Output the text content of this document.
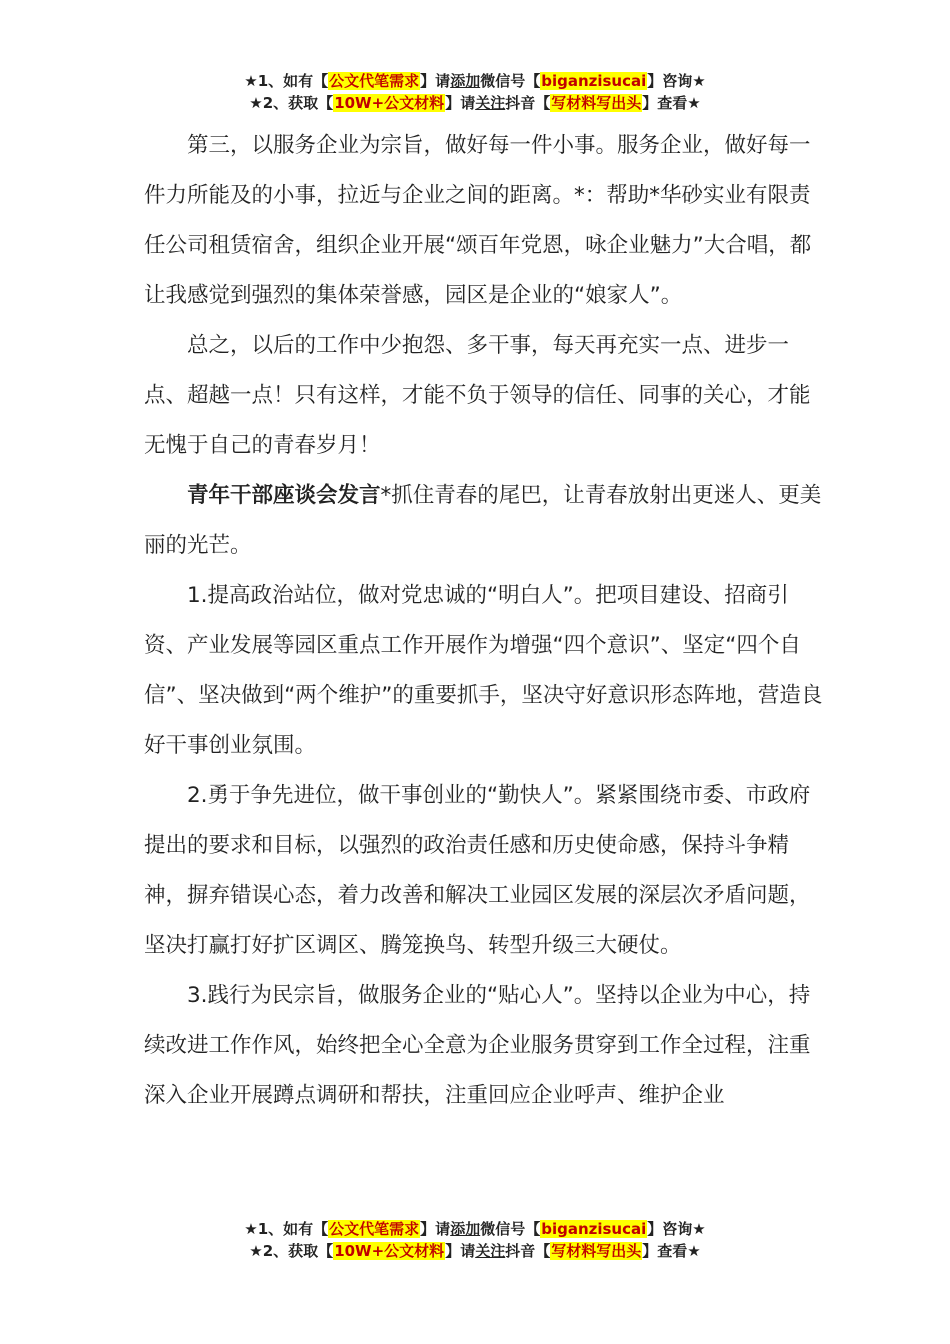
★1、如有【公文代笔需求】请添加微信号【biganzisucai】咨询★
★2、获取【10W+公文材料】请关注抖音【写材料写出头】查看★

第三，以服务企业为宗旨，做好每一件小事。服务企业，做好每一件力所能及的小事，拉近与企业之间的距离。*：帮助*华砂实业有限责任公司租赁宿舍，组织企业开展“颂百年党恩，咏企业魅力”大合唱，都让我感觉到强烈的集体荣誉感，园区是企业的“娘家人”。

总之，以后的工作中少抱怨、多干事，每天再充实一点、进步一点、超越一点！只有这样，才能不负于领导的信任、同事的关心，才能无愧于自己的青春岁月！

青年干部座谈会发言*抓住青春的尾巴，让青春放射出更迷人、更美丽的光芒。

1.提高政治站位，做对党忠诚的“明白人”。把项目建设、招商引资、产业发展等园区重点工作开展作为增强“四个意识”、坚定“四个自信”、坚决做到“两个维护”的重要抓手，坚决守好意识形态阵地，营造良好干事创业氛围。

2.勇于争先进位，做干事创业的“勤快人”。紧紧围绕市委、市政府提出的要求和目标，以强烈的政治责任感和历史使命感，保持斗争精神，摒弃错误心态，着力改善和解决工业园区发展的深层次矛盾问题，坚决打赢打好扩区调区、腾笼换鸟、转型升级三大硬仗。

3.践行为民宗旨，做服务企业的“贴心人”。坚持以企业为中心，持续改进工作作风，始终把全心全意为企业服务贯穿到工作全过程，注重深入企业开展蹲点调研和帮扶，注重回应企业呼声、维护企业

★1、如有【公文代笔需求】请添加微信号【biganzisucai】咨询★
★2、获取【10W+公文材料】请关注抖音【写材料写出头】查看★
